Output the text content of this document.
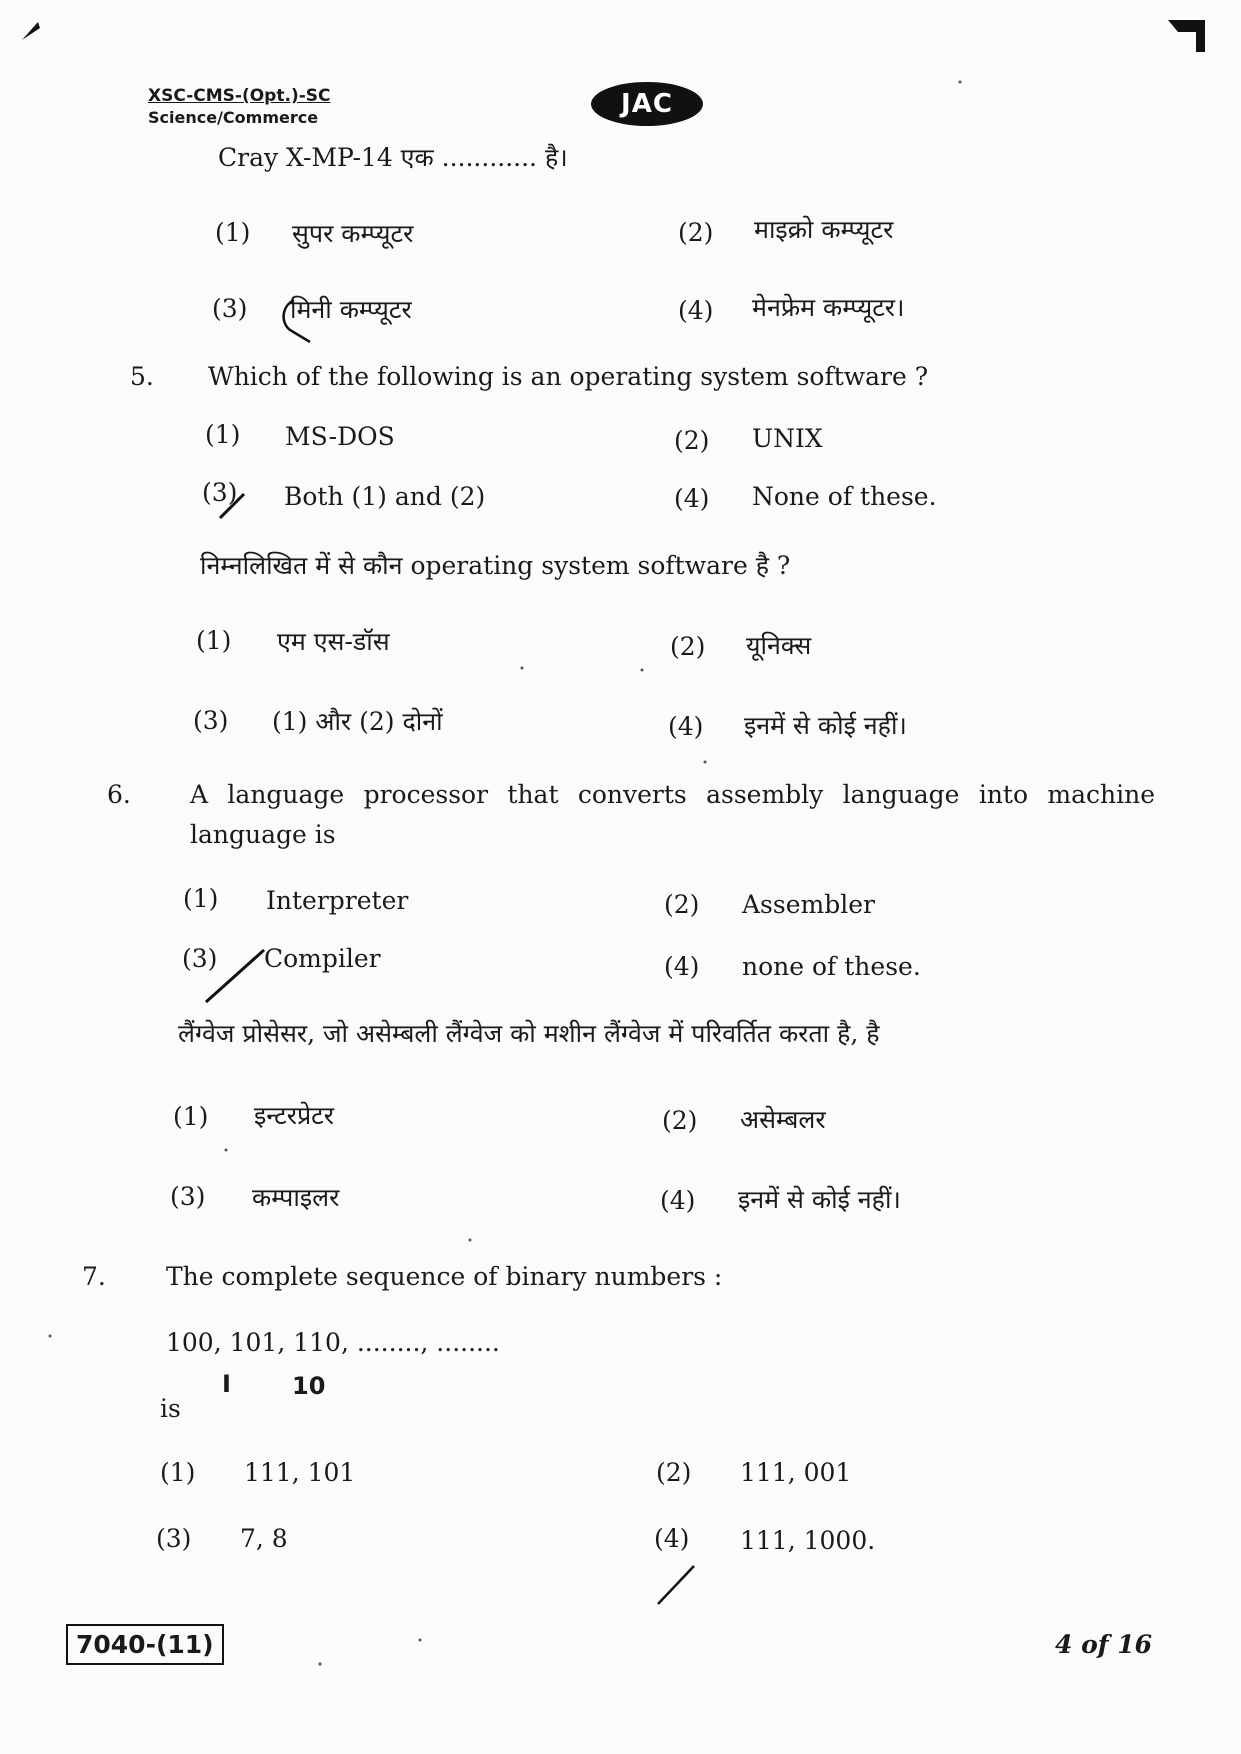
XSC-CMS-(Opt.)-SC
Science/Commerce	JAC
Cray X-MP-14 एक ............ है।
(1) सुपर कम्प्यूटर	(2) माइक्रो कम्प्यूटर
(3) मिनी कम्प्यूटर	(4) मेनफ्रेम कम्प्यूटर।
5. Which of the following is an operating system software ?
(1) MS-DOS	(2) UNIX
(3) Both (1) and (2)	(4) None of these.
निम्नलिखित में से कौन operating system software है ?
(1) एम एस-डॉस	(2) यूनिक्स
(3) (1) और (2) दोनों	(4) इनमें से कोई नहीं।
6. A language processor that converts assembly language into machine language is
(1) Interpreter	(2) Assembler
(3) Compiler	(4) none of these.
लैंग्वेज प्रोसेसर, जो असेम्बली लैंग्वेज को मशीन लैंग्वेज में परिवर्तित करता है, है
(1) इन्टरप्रेटर	(2) असेम्बलर
(3) कम्पाइलर	(4) इनमें से कोई नहीं।
7. The complete sequence of binary numbers :
100, 101, 110, ........, ........
I	10
is
(1) 111, 101	(2) 111, 001
(3) 7, 8	(4) 111, 1000.
7040-(11)	4 of 16
